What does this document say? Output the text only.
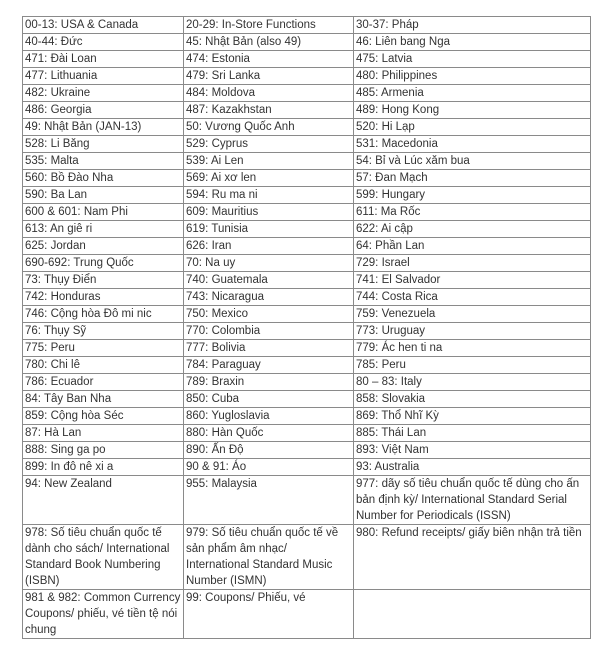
00-13: USA & Canada	20-29: In-Store Functions	30-37: Pháp
40-44: Đức	45: Nhật Bản (also 49)	46: Liên bang Nga
471: Đài Loan	474: Estonia	475: Latvia
477: Lithuania	479: Sri Lanka	480: Philippines
482: Ukraine	484: Moldova	485: Armenia
486: Georgia	487: Kazakhstan	489: Hong Kong
49: Nhật Bản (JAN-13)	50: Vương Quốc Anh	520: Hi Lạp
528: Li Băng	529: Cyprus	531: Macedonia
535: Malta	539: Ai Len	54: Bỉ và Lúc xăm bua
560: Bồ Đào Nha	569: Ai xơ len	57: Đan Mạch
590: Ba Lan	594: Ru ma ni	599: Hungary
600 & 601: Nam Phi	609: Mauritius	611: Ma Rốc
613: An giê ri	619: Tunisia	622: Ai cập
625: Jordan	626: Iran	64: Phần Lan
690-692: Trung Quốc	70: Na uy	729: Israel
73: Thụy Điển	740: Guatemala	741: El Salvador
742: Honduras	743: Nicaragua	744: Costa Rica
746: Cộng hòa Đô mi nic	750: Mexico	759: Venezuela
76: Thụy Sỹ	770: Colombia	773: Uruguay
775: Peru	777: Bolivia	779: Ác hen ti na
780: Chi lê	784: Paraguay	785: Peru
786: Ecuador	789: Braxin	80 – 83: Italy
84: Tây Ban Nha	850: Cuba	858: Slovakia
859: Cộng hòa Séc	860: Yugloslavia	869: Thổ Nhĩ Kỳ
87: Hà Lan	880: Hàn Quốc	885: Thái Lan
888: Sing ga po	890: Ấn Độ	893: Việt Nam
899: In đô nê xi a	90 & 91: Áo	93: Australia
94: New Zealand	955: Malaysia	977: dãy số tiêu chuẩn quốc tế dùng cho ấn bản định kỳ/ International Standard Serial Number for Periodicals (ISSN)
978: Số tiêu chuẩn quốc tế dành cho sách/ International Standard Book Numbering (ISBN)	979: Số tiêu chuẩn quốc tế về sản phẩm âm nhạc/ International Standard Music Number (ISMN)	980: Refund receipts/ giấy biên nhận trả tiền
981 & 982: Common Currency Coupons/ phiếu, vé tiền tệ nói chung	99: Coupons/ Phiếu, vé	
